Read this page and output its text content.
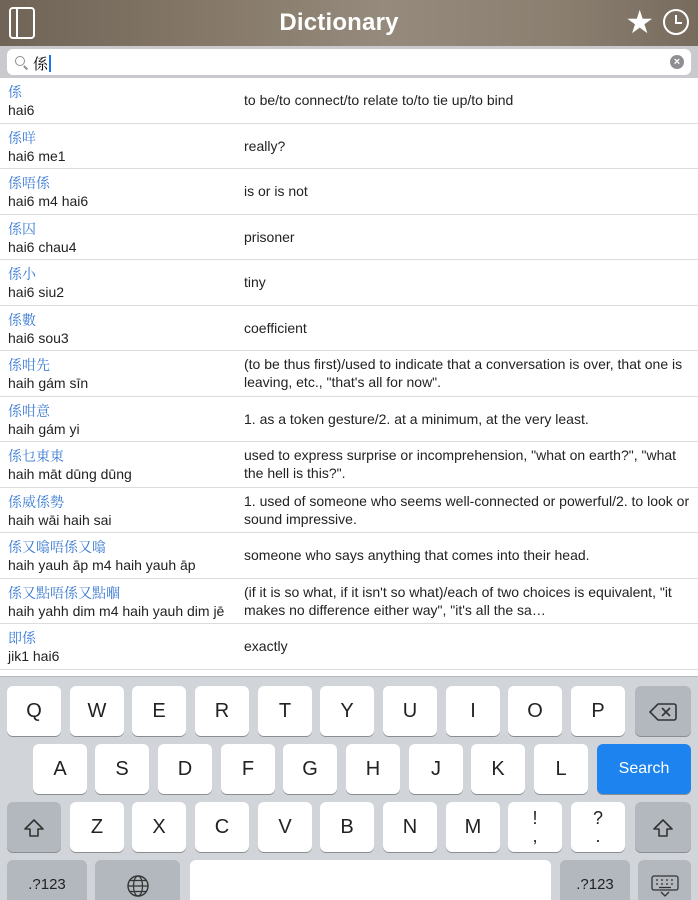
Dictionary	★
係	×
係
hai6
to be/to connect/to relate to/to tie up/to bind
係咩
hai6 me1
really?
係唔係
hai6 m4 hai6
is or is not
係囚
hai6 chau4
prisoner
係小
hai6 siu2
tiny
係數
hai6 sou3
coefficient
係咁先
haih gám sīn
(to be thus first)/used to indicate that a conversation is over, that one is leaving, etc., "that's all for now".
係咁意
haih gám yi
1. as a token gesture/2. at a minimum, at the very least.
係乜東東
haih māt dūng dūng
used to express surprise or incomprehension, "what on earth?", "what the hell is this?".
係威係勢
haih wāi haih sai
1. used of someone who seems well-connected or powerful/2. to look or sound impressive.
係又噏唔係又噏
haih yauh āp m4 haih yauh āp
someone who says anything that comes into their head.
係又點唔係又點嗰
haih yahh dim m4 haih yauh dim jē
(if it is so what, if it isn't so what)/each of two choices is equivalent, "it makes no difference either way", "it's all the sa…
即係
jik1 hai6
exactly
Q	W	E	R	T	Y	U	I	O	P
A	S	D	F	G	H	J	K	L	Search
Z	X	C	V	B	N	M	!
,
?
.
.?123	.?123
